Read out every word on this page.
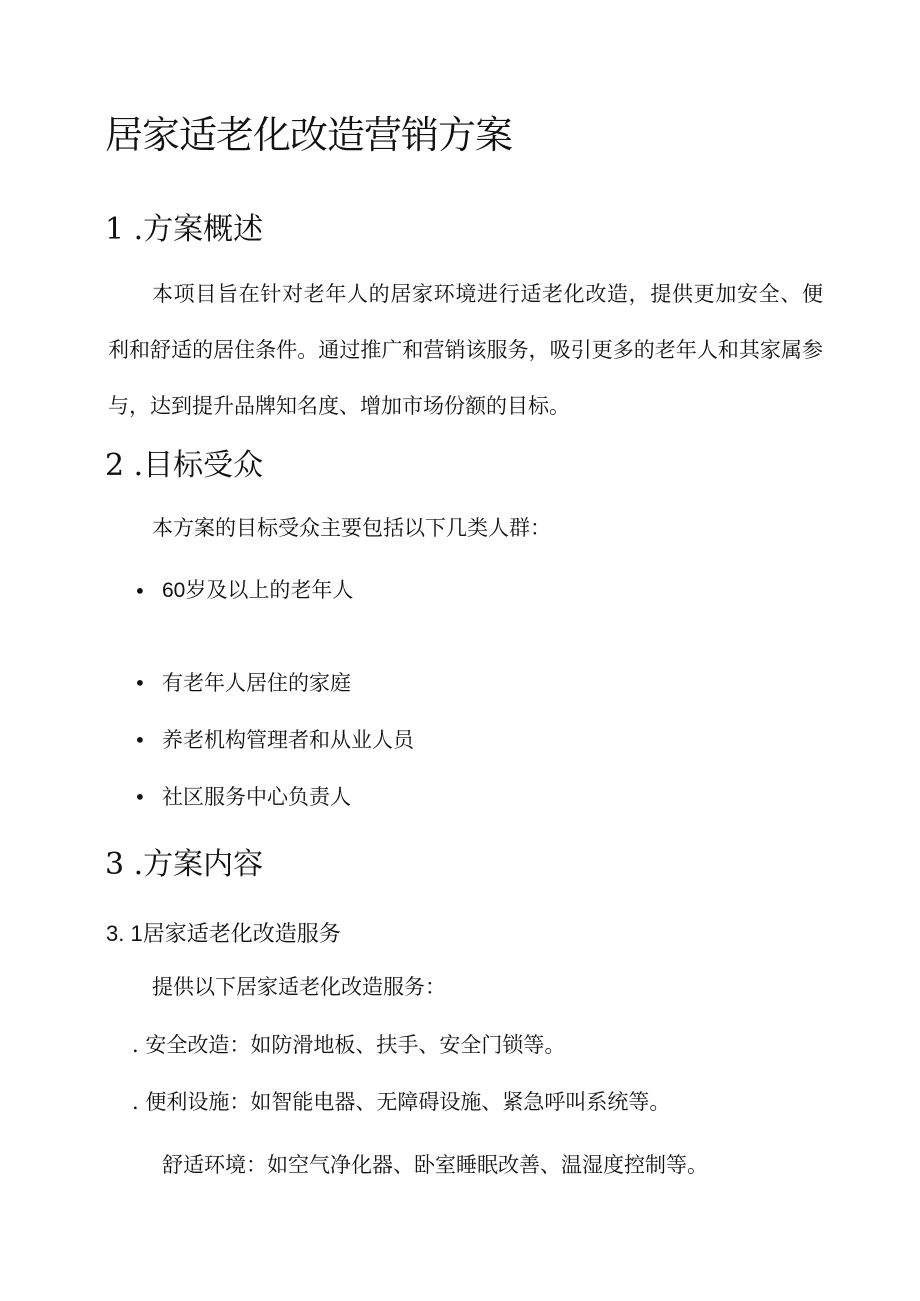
居家适老化改造营销方案
1 .方案概述
本项目旨在针对老年人的居家环境进行适老化改造，提供更加安全、便利和舒适的居住条件。通过推广和营销该服务，吸引更多的老年人和其家属参与，达到提升品牌知名度、增加市场份额的目标。
2 .目标受众
本方案的目标受众主要包括以下几类人群：
• 60岁及以上的老年人
• 有老年人居住的家庭
• 养老机构管理者和从业人员
• 社区服务中心负责人
3 .方案内容
3. 1居家适老化改造服务
提供以下居家适老化改造服务：
. 安全改造：如防滑地板、扶手、安全门锁等。
. 便利设施：如智能电器、无障碍设施、紧急呼叫系统等。
舒适环境：如空气净化器、卧室睡眠改善、温湿度控制等。
